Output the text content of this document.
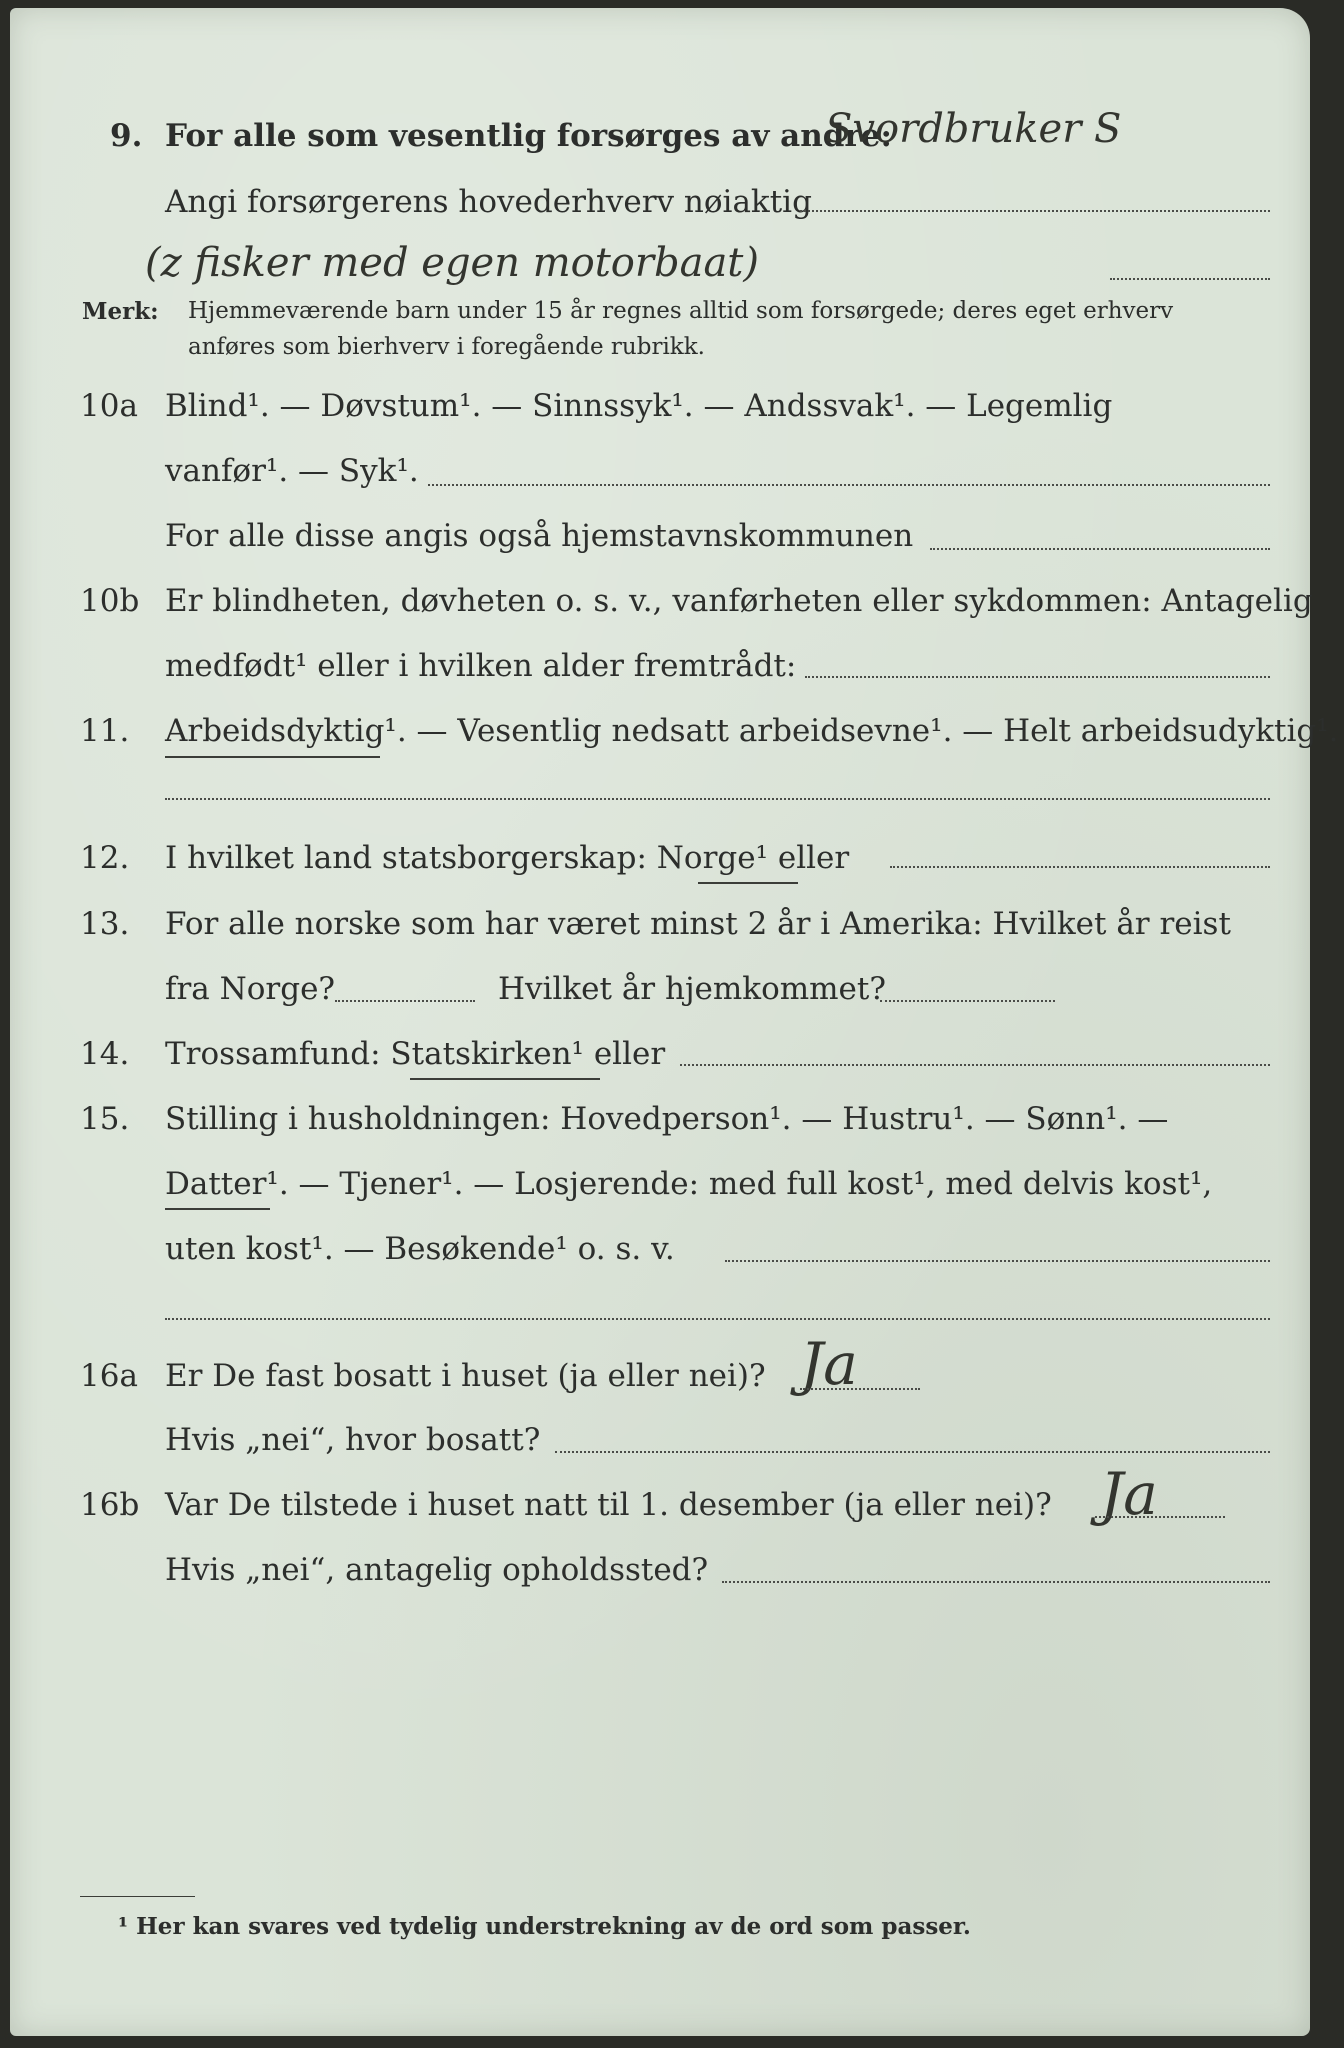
9. For alle som vesentlig forsørges av andre:
Svordbruker S
Angi forsørgerens hovederhverv nøiaktig
(z fisker med egen motorbaat)
Merk: Hjemmeværende barn under 15 år regnes alltid som forsørgede; deres eget erhverv
anføres som bierhverv i foregående rubrikk.
10a Blind¹. — Døvstum¹. — Sinnssyk¹. — Andssvak¹. — Legemlig
vanfør¹. — Syk¹.
For alle disse angis også hjemstavnskommunen
10b Er blindheten, døvheten o. s. v., vanførheten eller sykdommen: Antagelig
medfødt¹ eller i hvilken alder fremtrådt:
11. Arbeidsdyktig¹. — Vesentlig nedsatt arbeidsevne¹. — Helt arbeidsudyktig¹.
12. I hvilket land statsborgerskap: Norge¹ eller
13. For alle norske som har været minst 2 år i Amerika: Hvilket år reist
fra Norge?	Hvilket år hjemkommet?
14. Trossamfund: Statskirken¹ eller
15. Stilling i husholdningen: Hovedperson¹. — Hustru¹. — Sønn¹. —
Datter¹. — Tjener¹. — Losjerende: med full kost¹, med delvis kost¹,
uten kost¹. — Besøkende¹ o. s. v.
16a Er De fast bosatt i huset (ja eller nei)? Ja
Hvis „nei“, hvor bosatt?
16b Var De tilstede i huset natt til 1. desember (ja eller nei)? Ja
Hvis „nei“, antagelig opholdssted?
¹ Her kan svares ved tydelig understrekning av de ord som passer.
